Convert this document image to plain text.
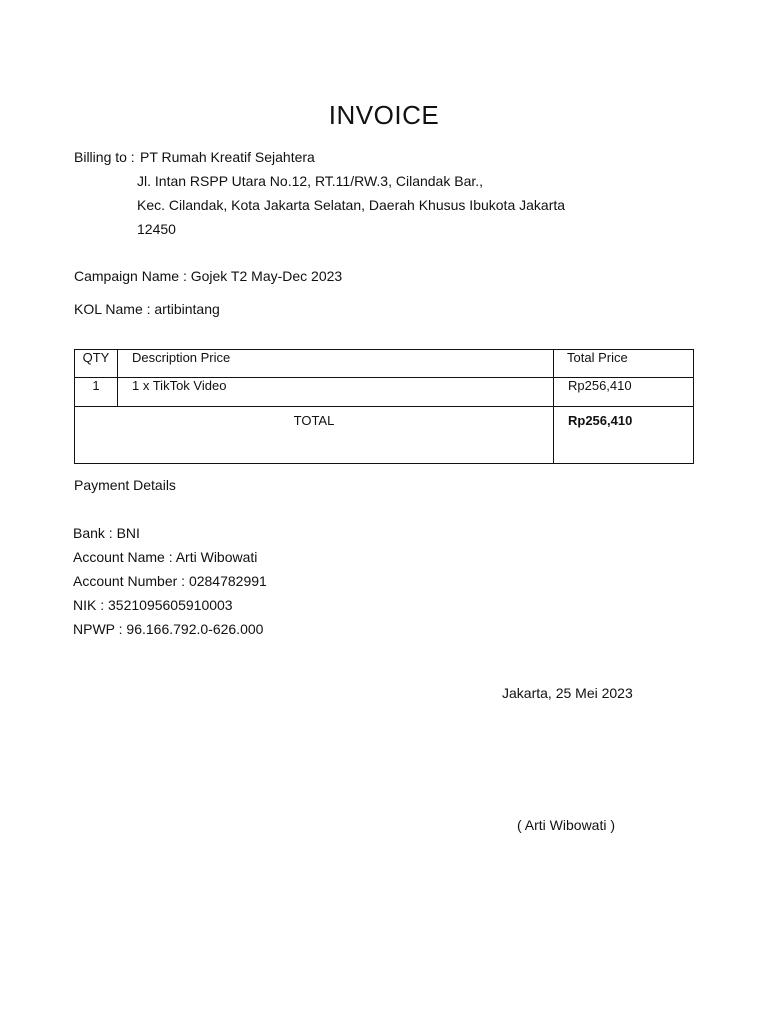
INVOICE
Billing to : PT Rumah Kreatif Sejahtera
Jl. Intan RSPP Utara No.12, RT.11/RW.3, Cilandak Bar.,
Kec. Cilandak, Kota Jakarta Selatan, Daerah Khusus Ibukota Jakarta
12450
Campaign Name : Gojek T2 May-Dec 2023
KOL Name : artibintang
QTY	Description Price	Total Price
1	1 x TikTok Video	Rp256,410
TOTAL		Rp256,410
Payment Details
Bank : BNI
Account Name : Arti Wibowati
Account Number : 0284782991
NIK : 3521095605910003
NPWP : 96.166.792.0-626.000
Jakarta, 25 Mei 2023
( Arti Wibowati )
